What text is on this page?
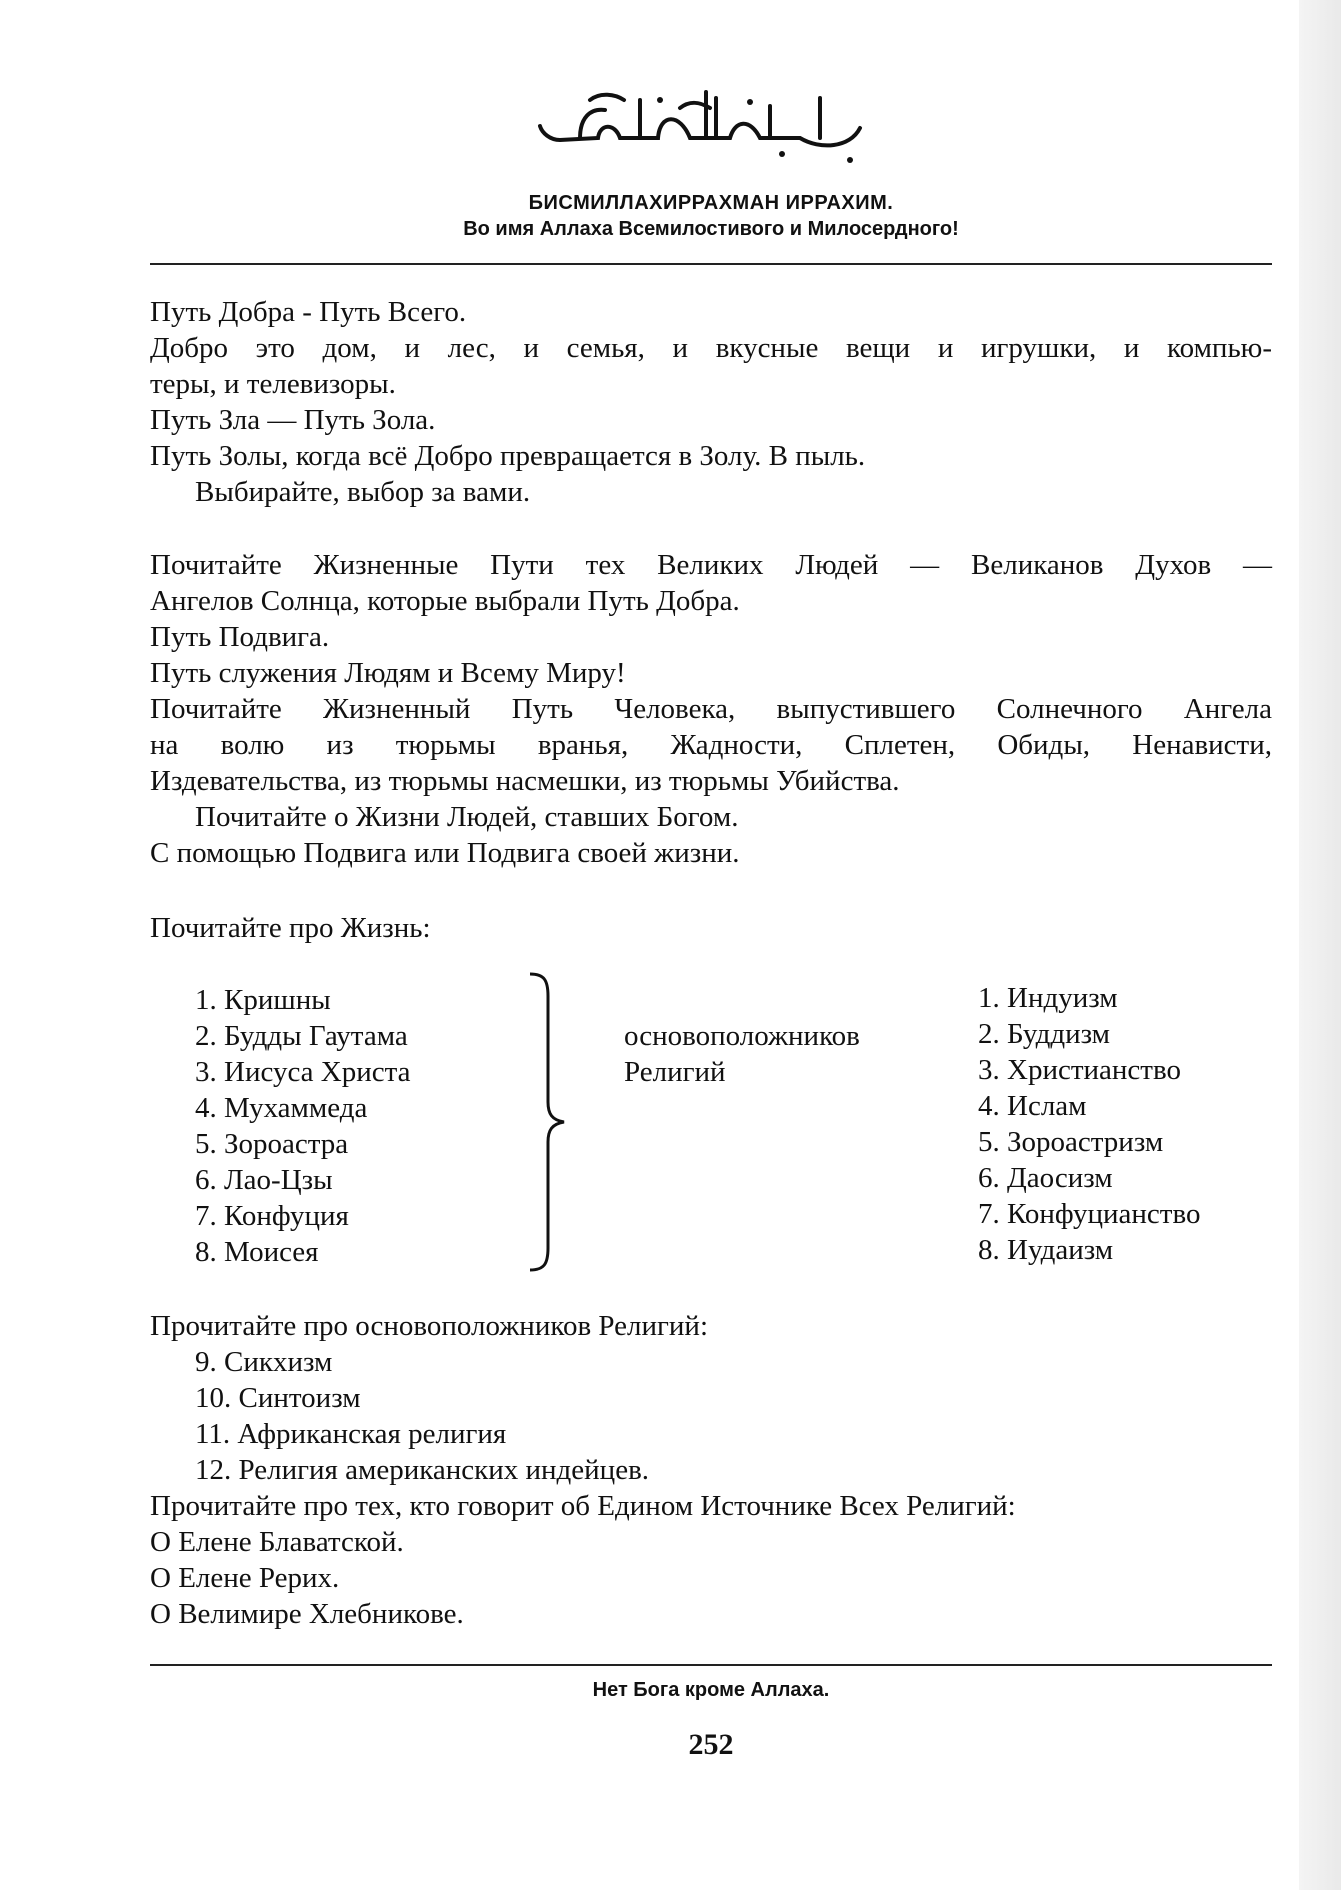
БИСМИЛЛАХИРРАХМАН ИРРАХИМ.
Во имя Аллаха Всемилостивого и Милосердного!
Путь Добра - Путь Всего.
Добро это дом, и лес, и семья, и вкусные вещи и игрушки, и компью-
теры, и телевизоры.
Путь Зла — Путь Зола.
Путь Золы, когда всё Добро превращается в Золу. В пыль.
Выбирайте, выбор за вами.
Почитайте Жизненные Пути тех Великих Людей — Великанов Духов —
Ангелов Солнца, которые выбрали Путь Добра.
Путь Подвига.
Путь служения Людям и Всему Миру!
Почитайте Жизненный Путь Человека, выпустившего Солнечного Ангела
на волю из тюрьмы вранья, Жадности, Сплетен, Обиды, Ненависти,
Издевательства, из тюрьмы насмешки, из тюрьмы Убийства.
Почитайте о Жизни Людей, ставших Богом.
С помощью Подвига или Подвига своей жизни.
Почитайте про Жизнь:
1. Кришны
2. Будды Гаутама
3. Иисуса Христа
4. Мухаммеда
5. Зороастра
6. Лао-Цзы
7. Конфуция
8. Моисея
основоположников
Религий
1. Индуизм
2. Буддизм
3. Христианство
4. Ислам
5. Зороастризм
6. Даосизм
7. Конфуцианство
8. Иудаизм
Прочитайте про основоположников Религий:
9. Сикхизм
10. Синтоизм
11. Африканская религия
12. Религия американских индейцев.
Прочитайте про тех, кто говорит об Едином Источнике Всех Религий:
О Елене Блаватской.
О Елене Рерих.
О Велимире Хлебникове.
Нет Бога кроме Аллаха.
252
